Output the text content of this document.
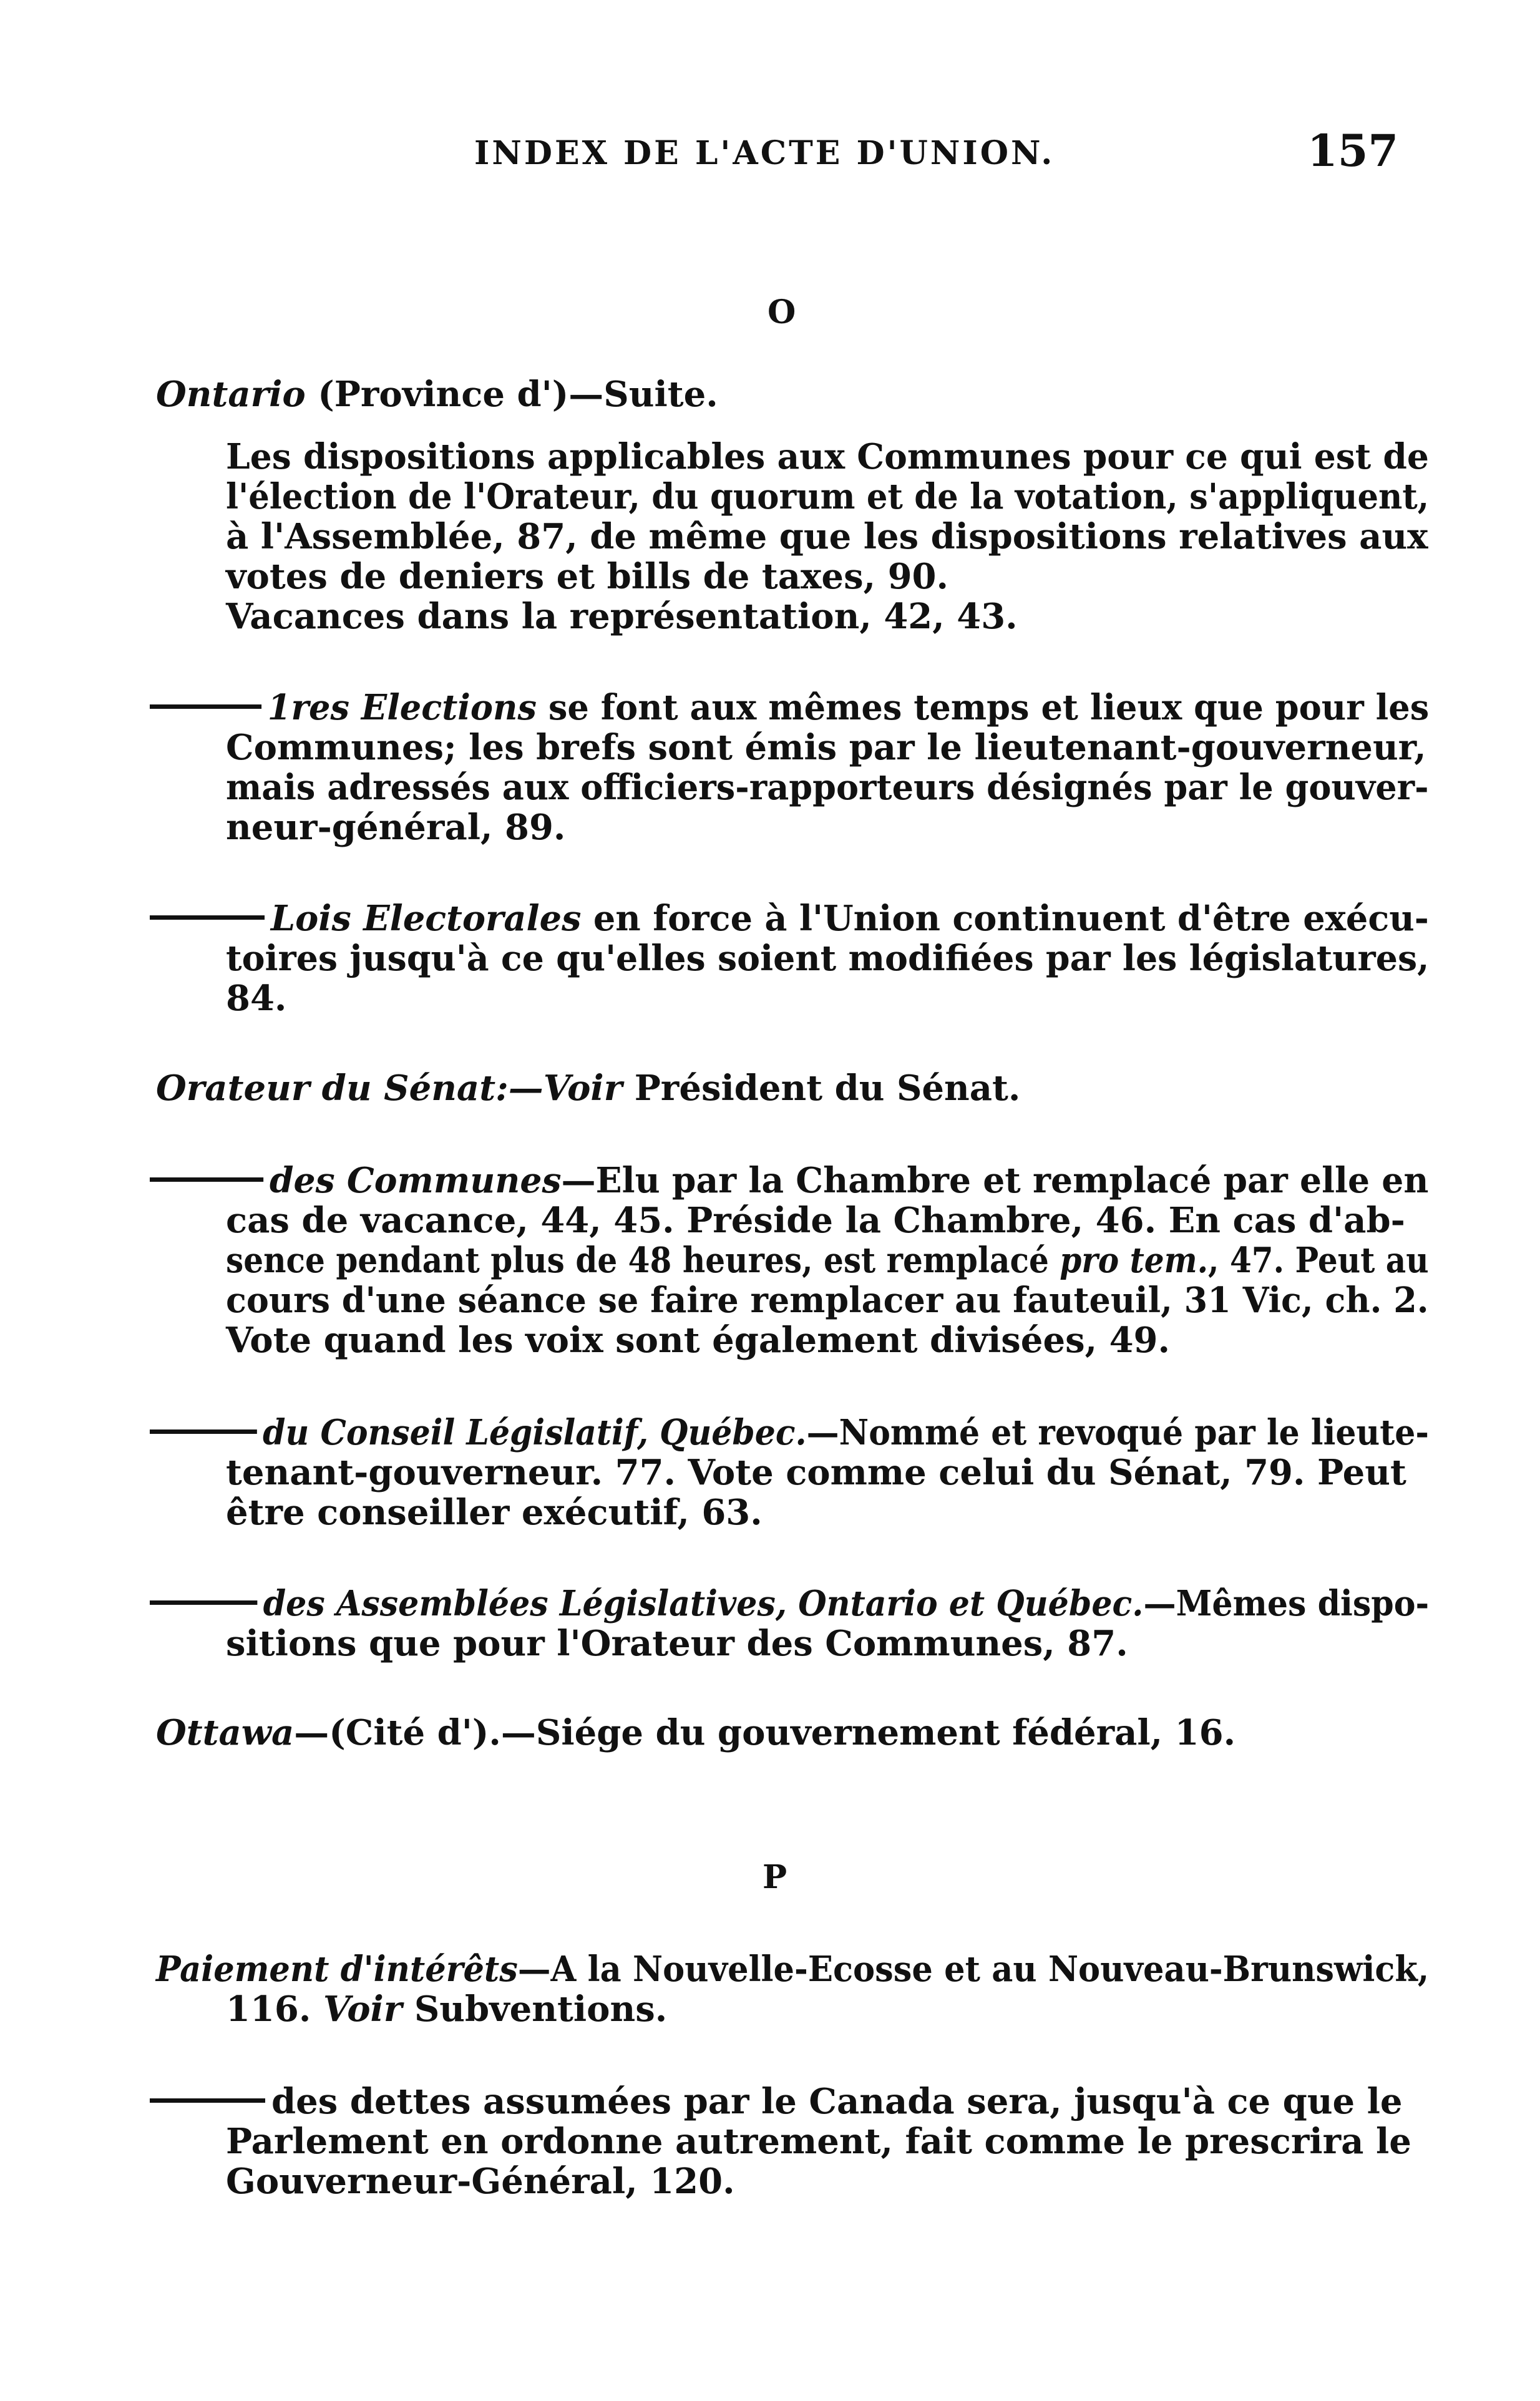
INDEX DE L'ACTE D'UNION.	157
O
Ontario (Province d')—Suite.
Les dispositions applicables aux Communes pour ce qui est de
l'élection de l'Orateur, du quorum et de la votation, s'appliquent,
à l'Assemblée, 87, de même que les dispositions relatives aux
votes de deniers et bills de taxes, 90.
Vacances dans la représentation, 42, 43.
1res Elections se font aux mêmes temps et lieux que pour les
Communes; les brefs sont émis par le lieutenant-gouverneur,
mais adressés aux officiers-rapporteurs désignés par le gouver-
neur-général, 89.
Lois Electorales en force à l'Union continuent d'être exécu-
toires jusqu'à ce qu'elles soient modifiées par les législatures,
84.
Orateur du Sénat:—Voir Président du Sénat.
des Communes—Elu par la Chambre et remplacé par elle en
cas de vacance, 44, 45. Préside la Chambre, 46. En cas d'ab-
sence pendant plus de 48 heures, est remplacé pro tem., 47. Peut au
cours d'une séance se faire remplacer au fauteuil, 31 Vic, ch. 2.
Vote quand les voix sont également divisées, 49.
du Conseil Législatif, Québec.—Nommé et revoqué par le lieute-
tenant-gouverneur. 77. Vote comme celui du Sénat, 79. Peut
être conseiller exécutif, 63.
des Assemblées Législatives, Ontario et Québec.—Mêmes dispo-
sitions que pour l'Orateur des Communes, 87.
Ottawa—(Cité d').—Siége du gouvernement fédéral, 16.
P
Paiement d'intérêts—A la Nouvelle-Ecosse et au Nouveau-Brunswick,
116. Voir Subventions.
des dettes assumées par le Canada sera, jusqu'à ce que le
Parlement en ordonne autrement, fait comme le prescrira le
Gouverneur-Général, 120.
